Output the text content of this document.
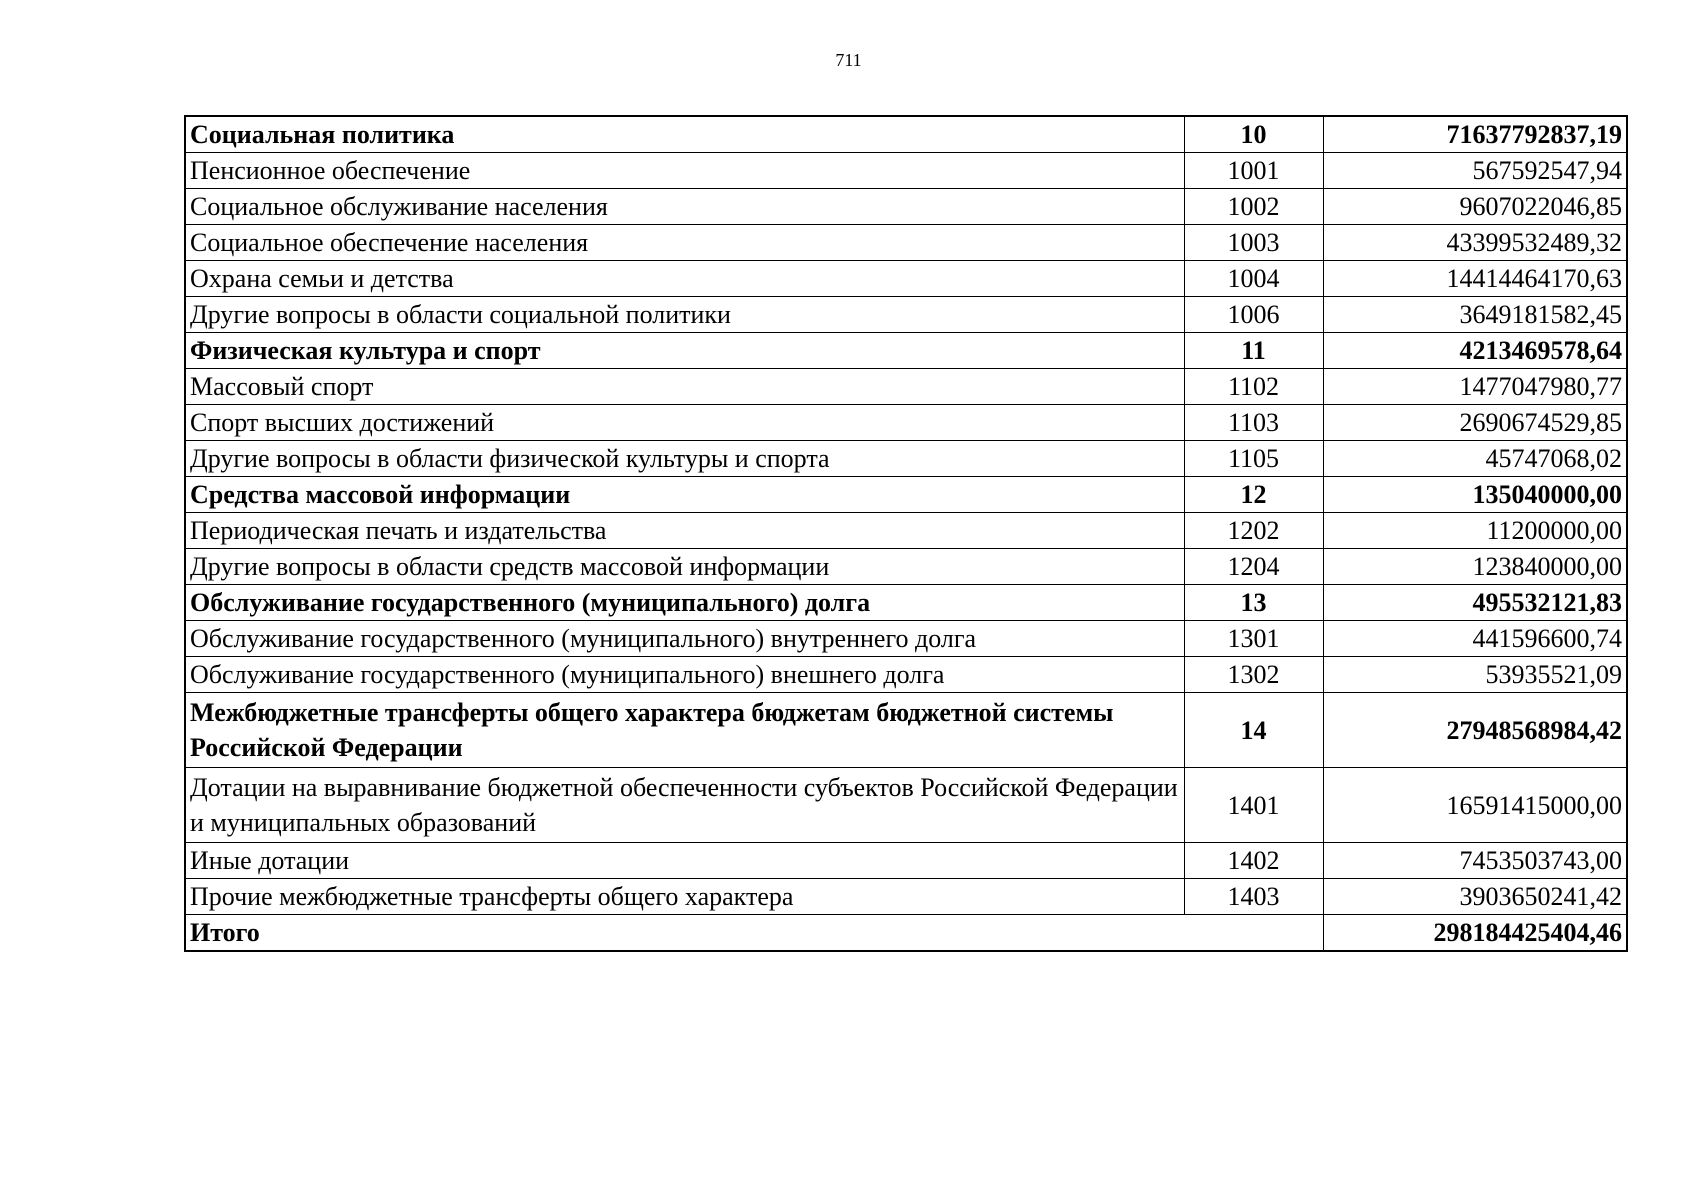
711
Социальная политика	10	71637792837,19
Пенсионное обеспечение	1001	567592547,94
Социальное обслуживание населения	1002	9607022046,85
Социальное обеспечение населения	1003	43399532489,32
Охрана семьи и детства	1004	14414464170,63
Другие вопросы в области социальной политики	1006	3649181582,45
Физическая культура и спорт	11	4213469578,64
Массовый спорт	1102	1477047980,77
Спорт высших достижений	1103	2690674529,85
Другие вопросы в области физической культуры и спорта	1105	45747068,02
Средства массовой информации	12	135040000,00
Периодическая печать и издательства	1202	11200000,00
Другие вопросы в области средств массовой информации	1204	123840000,00
Обслуживание государственного (муниципального) долга	13	495532121,83
Обслуживание государственного (муниципального) внутреннего долга	1301	441596600,74
Обслуживание государственного (муниципального) внешнего долга	1302	53935521,09
Межбюджетные трансферты общего характера бюджетам бюджетной системы Российской Федерации	14	27948568984,42
Дотации на выравнивание бюджетной обеспеченности субъектов Российской Федерации и муниципальных образований	1401	16591415000,00
Иные дотации	1402	7453503743,00
Прочие межбюджетные трансферты общего характера	1403	3903650241,42
Итого		298184425404,46
